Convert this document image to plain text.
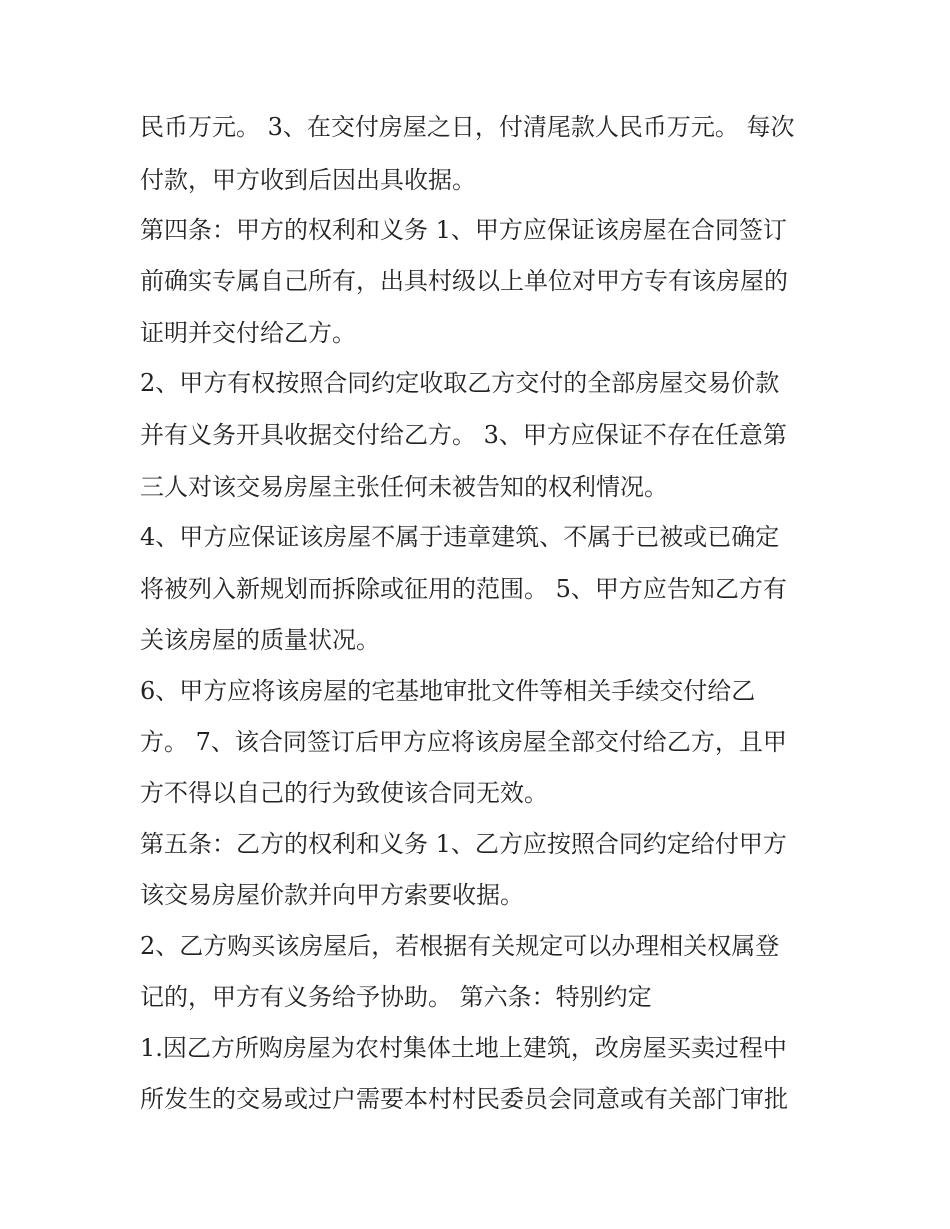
民币万元。 3、在交付房屋之日，付清尾款人民币万元。 每次

付款，甲方收到后因出具收据。

第四条：甲方的权利和义务 1、甲方应保证该房屋在合同签订

前确实专属自己所有，出具村级以上单位对甲方专有该房屋的

证明并交付给乙方。

2、甲方有权按照合同约定收取乙方交付的全部房屋交易价款

并有义务开具收据交付给乙方。 3、甲方应保证不存在任意第

三人对该交易房屋主张任何未被告知的权利情况。

4、甲方应保证该房屋不属于违章建筑、不属于已被或已确定

将被列入新规划而拆除或征用的范围。 5、甲方应告知乙方有

关该房屋的质量状况。

6、甲方应将该房屋的宅基地审批文件等相关手续交付给乙

方。 7、该合同签订后甲方应将该房屋全部交付给乙方，且甲

方不得以自己的行为致使该合同无效。

第五条：乙方的权利和义务 1、乙方应按照合同约定给付甲方

该交易房屋价款并向甲方索要收据。

2、乙方购买该房屋后，若根据有关规定可以办理相关权属登

记的，甲方有义务给予协助。 第六条：特别约定

1.因乙方所购房屋为农村集体土地上建筑，改房屋买卖过程中

所发生的交易或过户需要本村村民委员会同意或有关部门审批
